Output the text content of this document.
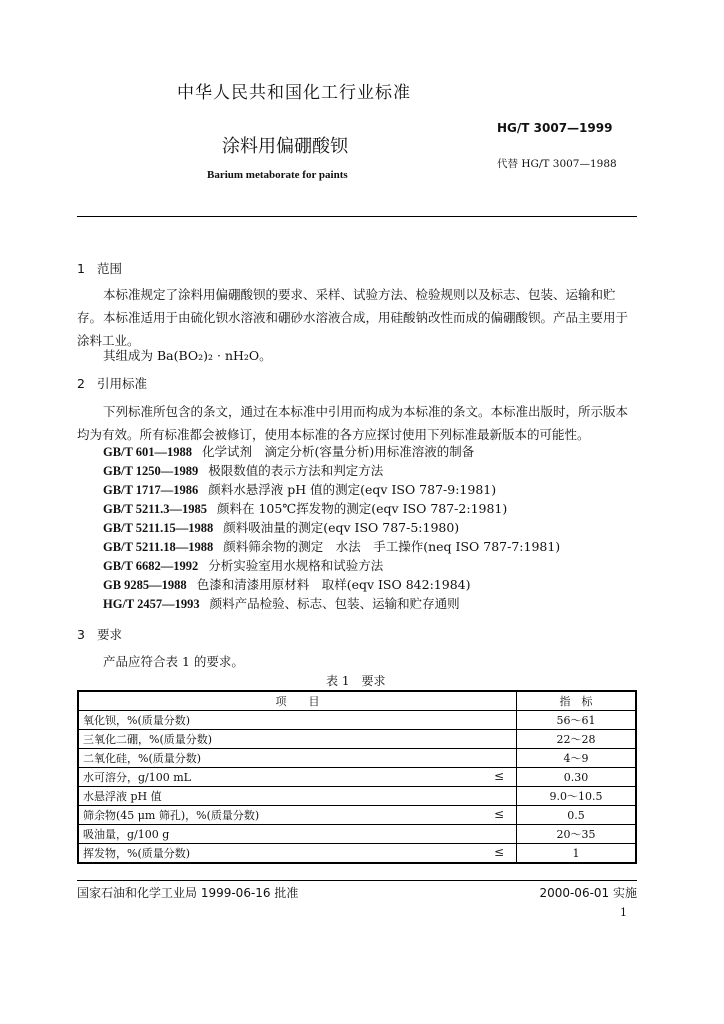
中华人民共和国化工行业标准
涂料用偏硼酸钡
Barium metaborate for paints
HG/T 3007—1999
代替 HG/T 3007—1988
1 范围
本标准规定了涂料用偏硼酸钡的要求、采样、试验方法、检验规则以及标志、包装、运输和贮存。 本标准适用于由硫化钡水溶液和硼砂水溶液合成，用硅酸钠改性而成的偏硼酸钡。产品主要用于涂料工业。
其组成为 Ba(BO₂)₂ · nH₂O。
2 引用标准
下列标准所包含的条文，通过在本标准中引用而构成为本标准的条文。本标准出版时，所示版本均为有效。所有标准都会被修订，使用本标准的各方应探讨使用下列标准最新版本的可能性。
GB/T 601—1988 化学试剂　滴定分析(容量分析)用标准溶液的制备
GB/T 1250—1989 极限数值的表示方法和判定方法
GB/T 1717—1986 颜料水悬浮液 pH 值的测定(eqv ISO 787-9:1981)
GB/T 5211.3—1985 颜料在 105℃挥发物的测定(eqv ISO 787-2:1981)
GB/T 5211.15—1988 颜料吸油量的测定(eqv ISO 787-5:1980)
GB/T 5211.18—1988 颜料筛余物的测定　水法　手工操作(neq ISO 787-7:1981)
GB/T 6682—1992 分析实验室用水规格和试验方法
GB 9285—1988 色漆和清漆用原材料　取样(eqv ISO 842:1984)
HG/T 2457—1993 颜料产品检验、标志、包装、运输和贮存通则
3 要求
产品应符合表 1 的要求。
表 1　要求
项　　目	指　标
氧化钡，%(质量分数)	56～61
三氧化二硼，%(质量分数)	22～28
二氧化硅，%(质量分数)	4～9
水可溶分，g/100 mL ≤	0.30
水悬浮液 pH 值	9.0～10.5
筛余物(45 μm 筛孔)，%(质量分数) ≤	0.5
吸油量，g/100 g	20～35
挥发物，%(质量分数) ≤	1
国家石油和化学工业局 1999-06-16 批准	2000-06-01 实施
1
